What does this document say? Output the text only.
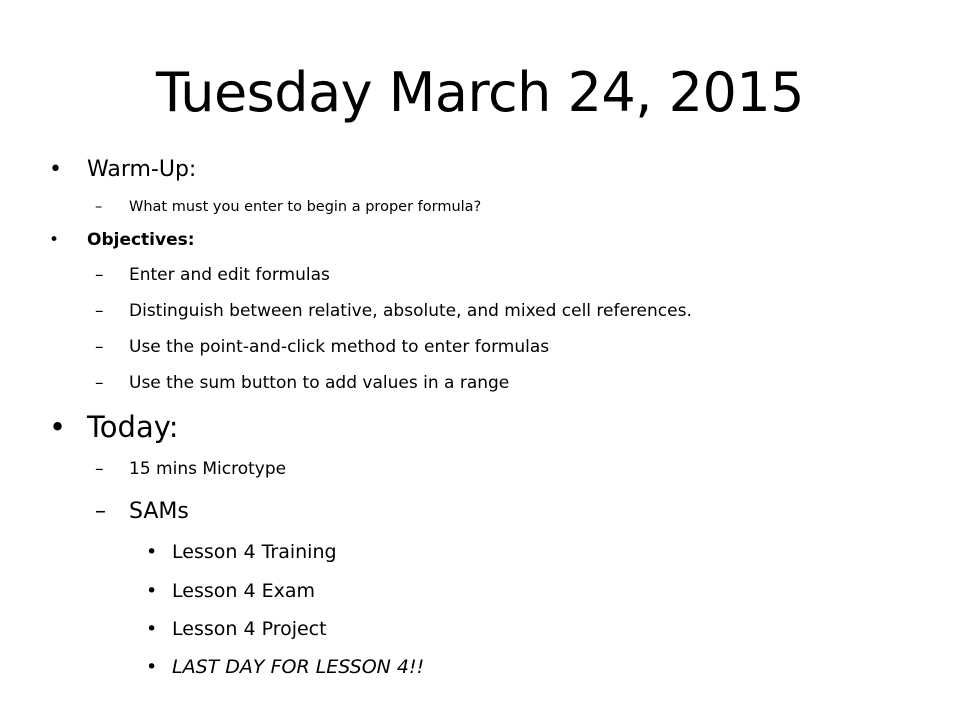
Tuesday March 24, 2015
• Warm-Up:
– What must you enter to begin a proper formula?
• Objectives:
– Enter and edit formulas
– Distinguish between relative, absolute, and mixed cell references.
– Use the point-and-click method to enter formulas
– Use the sum button to add values in a range
• Today:
– 15 mins Microtype
– SAMs
• Lesson 4 Training
• Lesson 4 Exam
• Lesson 4 Project
• LAST DAY FOR LESSON 4!!
